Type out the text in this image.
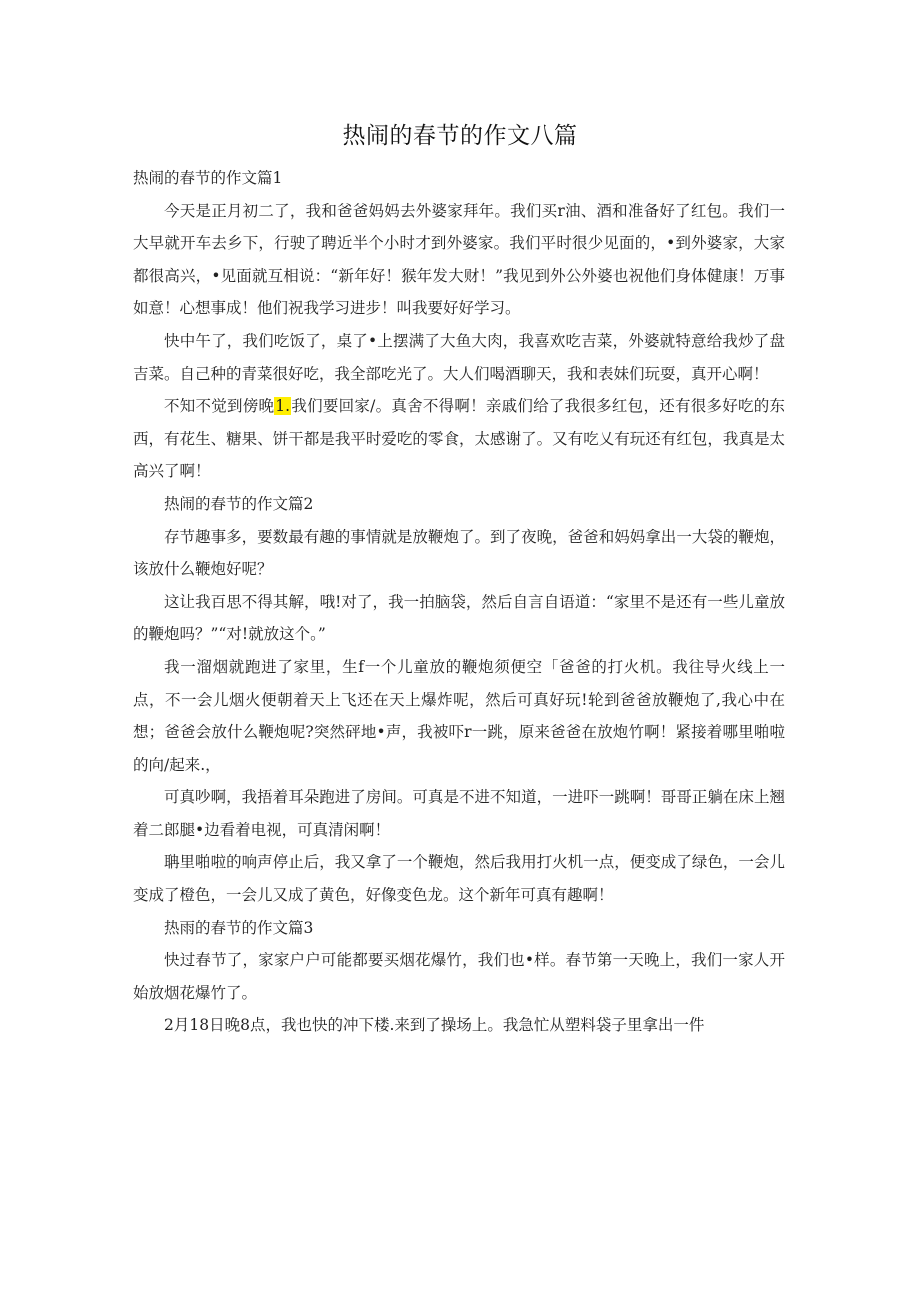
热闹的春节的作文八篇

热闹的春节的作文篇1

今天是正月初二了，我和爸爸妈妈去外婆家拜年。我们买r油、酒和准备好了红包。我们一大早就开车去乡下，行驶了聘近半个小时才到外婆家。我们平时很少见面的，•到外婆家，大家都很高兴，•见面就互相说：“新年好！猴年发大财！”我见到外公外婆也祝他们身体健康！万事如意！心想事成！他们祝我学习进步！叫我要好好学习。

快中午了，我们吃饭了，桌了•上摆满了大鱼大肉，我喜欢吃吉菜，外婆就特意给我炒了盘吉菜。自己种的青菜很好吃，我全部吃光了。大人们喝酒聊天，我和表妹们玩耍，真开心啊！

不知不觉到傍晚1.我们要回家/。真舍不得啊！亲戚们给了我很多红包，还有很多好吃的东西，有花生、糖果、饼干都是我平时爱吃的零食，太感谢了。又有吃乂有玩还有红包，我真是太高兴了啊！

热闹的春节的作文篇2

存节趣事多，要数最有趣的事情就是放鞭炮了。到了夜晚，爸爸和妈妈拿出一大袋的鞭炮，该放什么鞭炮好呢？

这让我百思不得其解，哦!对了，我一拍脑袋，然后自言自语道：“家里不是还有一些儿童放的鞭炮吗？”“对!就放这个。”

我一溜烟就跑进了家里，生f一个儿童放的鞭炮须便空「爸爸的打火机。我往导火线上一点，不一会儿烟火便朝着天上飞还在天上爆炸呢，然后可真好玩!轮到爸爸放鞭炮了,我心中在想；爸爸会放什么鞭炮呢?突然砰地•声，我被吓r一跳，原来爸爸在放炮竹啊！紧接着哪里啪啦的向/起来.，

可真吵啊，我捂着耳朵跑进了房间。可真是不进不知道，一进吓一跳啊！哥哥正躺在床上翘着二郎腿•边看着电视，可真清闲啊！

聃里啪啦的响声停止后，我又拿了一个鞭炮，然后我用打火机一点，便变成了绿色，一会儿变成了橙色，一会儿又成了黄色，好像变色龙。这个新年可真有趣啊！

热雨的春节的作文篇3

快过春节了，家家户户可能都要买烟花爆竹，我们也•样。春节第一天晚上，我们一家人开始放烟花爆竹了。

2月18日晚8点，我也快的冲下楼.来到了操场上。我急忙从塑料袋子里拿出一件
